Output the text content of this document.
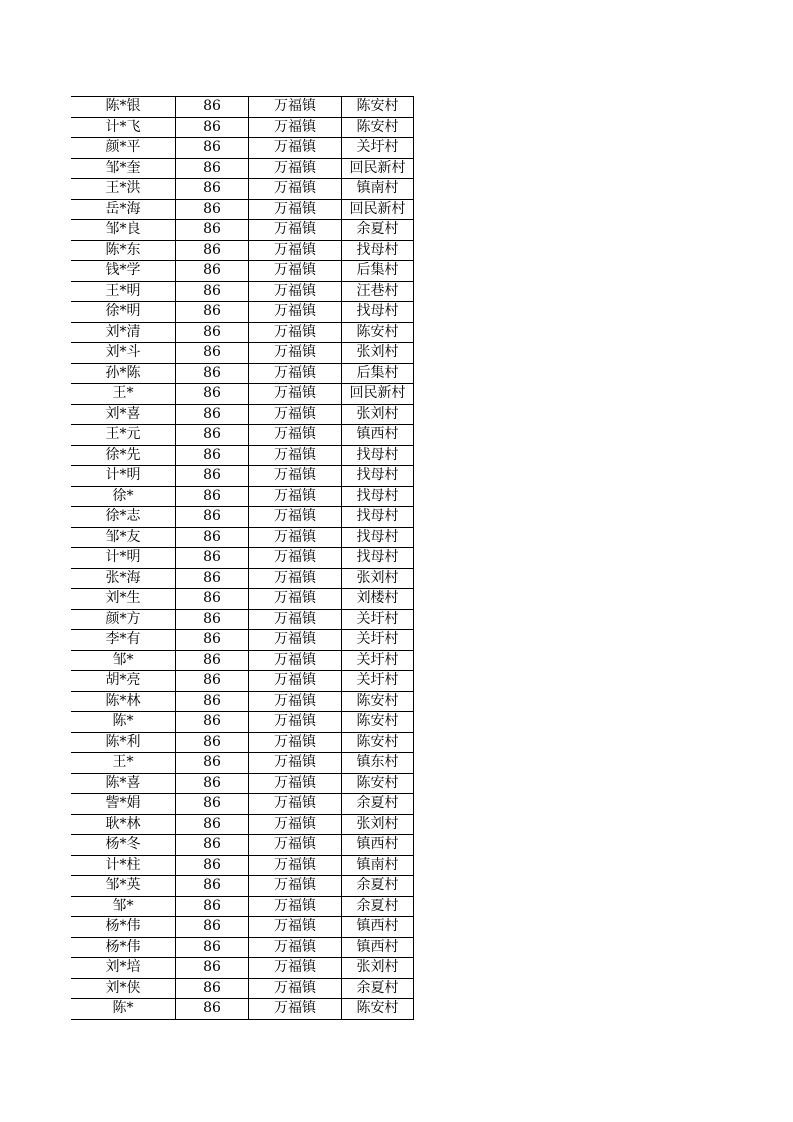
陈*银	86	万福镇	陈安村
计*飞	86	万福镇	陈安村
颜*平	86	万福镇	关圩村
邹*奎	86	万福镇	回民新村
王*洪	86	万福镇	镇南村
岳*海	86	万福镇	回民新村
邹*良	86	万福镇	余夏村
陈*东	86	万福镇	找母村
钱*学	86	万福镇	后集村
王*明	86	万福镇	汪巷村
徐*明	86	万福镇	找母村
刘*清	86	万福镇	陈安村
刘*斗	86	万福镇	张刘村
孙*陈	86	万福镇	后集村
王*	86	万福镇	回民新村
刘*喜	86	万福镇	张刘村
王*元	86	万福镇	镇西村
徐*先	86	万福镇	找母村
计*明	86	万福镇	找母村
徐*	86	万福镇	找母村
徐*志	86	万福镇	找母村
邹*友	86	万福镇	找母村
计*明	86	万福镇	找母村
张*海	86	万福镇	张刘村
刘*生	86	万福镇	刘楼村
颜*方	86	万福镇	关圩村
李*有	86	万福镇	关圩村
邹*	86	万福镇	关圩村
胡*亮	86	万福镇	关圩村
陈*林	86	万福镇	陈安村
陈*	86	万福镇	陈安村
陈*利	86	万福镇	陈安村
王*	86	万福镇	镇东村
陈*喜	86	万福镇	陈安村
訾*娟	86	万福镇	余夏村
耿*林	86	万福镇	张刘村
杨*冬	86	万福镇	镇西村
计*柱	86	万福镇	镇南村
邹*英	86	万福镇	余夏村
邹*	86	万福镇	余夏村
杨*伟	86	万福镇	镇西村
杨*伟	86	万福镇	镇西村
刘*培	86	万福镇	张刘村
刘*侠	86	万福镇	余夏村
陈*	86	万福镇	陈安村
